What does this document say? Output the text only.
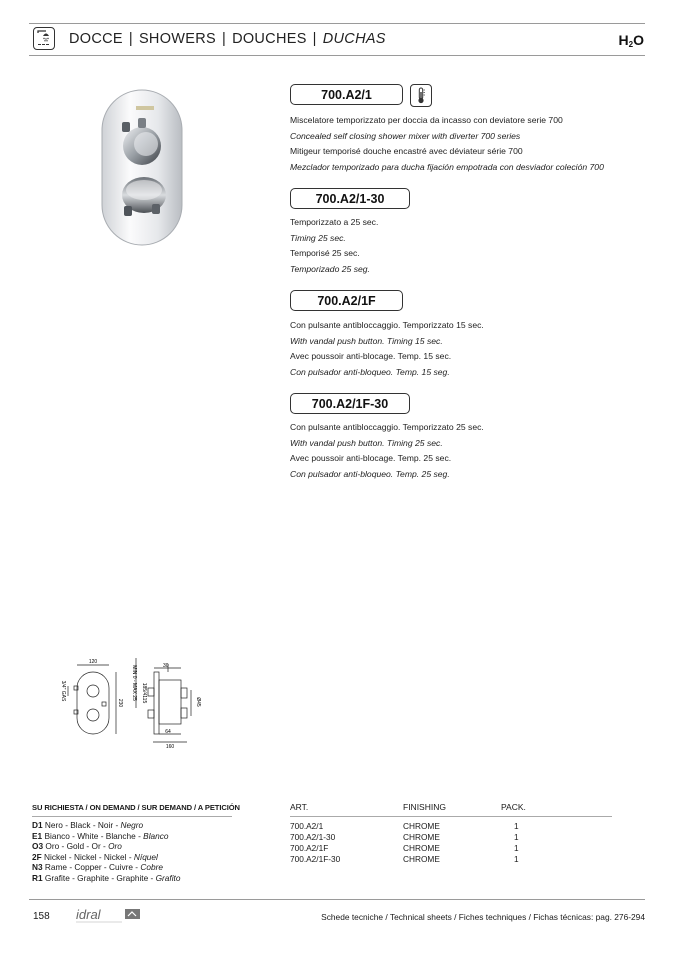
DOCCE | SHOWERS | DOUCHES | DUCHAS	$H_2O$
700.A2/1
Miscelatore temporizzato per doccia da incasso con deviatore serie 700
Concealed self closing shower mixer with diverter 700 series
Mitigeur temporisé douche encastré avec déviateur série 700
Mezclador temporizado para ducha fijación empotrada con desviador coleción 700
700.A2/1-30
Temporizzato a 25 sec.
Timing 25 sec.
Temporisé 25 sec.
Temporizado 25 seg.
700.A2/1F
Con pulsante antibloccaggio. Temporizzato 15 sec.
With vandal push button. Timing 15 sec.
Avec poussoir anti-blocage. Temp. 15 sec.
Con pulsador anti-bloqueo. Temp. 15 seg.
700.A2/1F-30
Con pulsante antibloccaggio. Temporizzato 25 sec.
With vandal push button. Timing 25 sec.
Avec poussoir anti-blocage. Temp. 25 sec.
Con pulsador anti-bloqueo. Temp. 25 seg.
120
30
64
160
230	Ø45
MIN 0 - MAX 25 185/4115
3/4" GAS
SU RICHIESTA / ON DEMAND / SUR DEMAND / A PETICIÓN
D1 Nero - Black - Noir - Negro
E1 Bianco - White - Blanche - Blanco
O3 Oro - Gold - Or - Oro
2F Nickel - Nickel - Nickel - Níquel
N3 Rame - Copper - Cuivre - Cobre
R1 Grafite - Graphite - Graphite - Grafito
ART.	FINISHING	PACK.
700.A2/1	CHROME	1
700.A2/1-30	CHROME	1
700.A2/1F	CHROME	1
700.A2/1F-30	CHROME	1
158 idral	Schede tecniche / Technical sheets / Fiches techniques / Fichas técnicas: pag. 276-294
